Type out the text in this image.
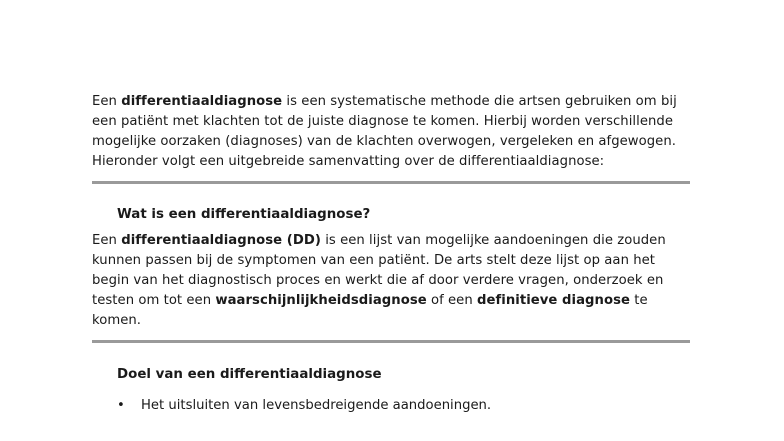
Een differentiaaldiagnose is een systematische methode die artsen gebruiken om bij een patiënt met klachten tot de juiste diagnose te komen. Hierbij worden verschillende mogelijke oorzaken (diagnoses) van de klachten overwogen, vergeleken en afgewogen. Hieronder volgt een uitgebreide samenvatting over de differentiaaldiagnose:

Wat is een differentiaaldiagnose?

Een differentiaaldiagnose (DD) is een lijst van mogelijke aandoeningen die zouden kunnen passen bij de symptomen van een patiënt. De arts stelt deze lijst op aan het begin van het diagnostisch proces en werkt die af door verdere vragen, onderzoek en testen om tot een waarschijnlijkheidsdiagnose of een definitieve diagnose te komen.

Doel van een differentiaaldiagnose
• Het uitsluiten van levensbedreigende aandoeningen.
